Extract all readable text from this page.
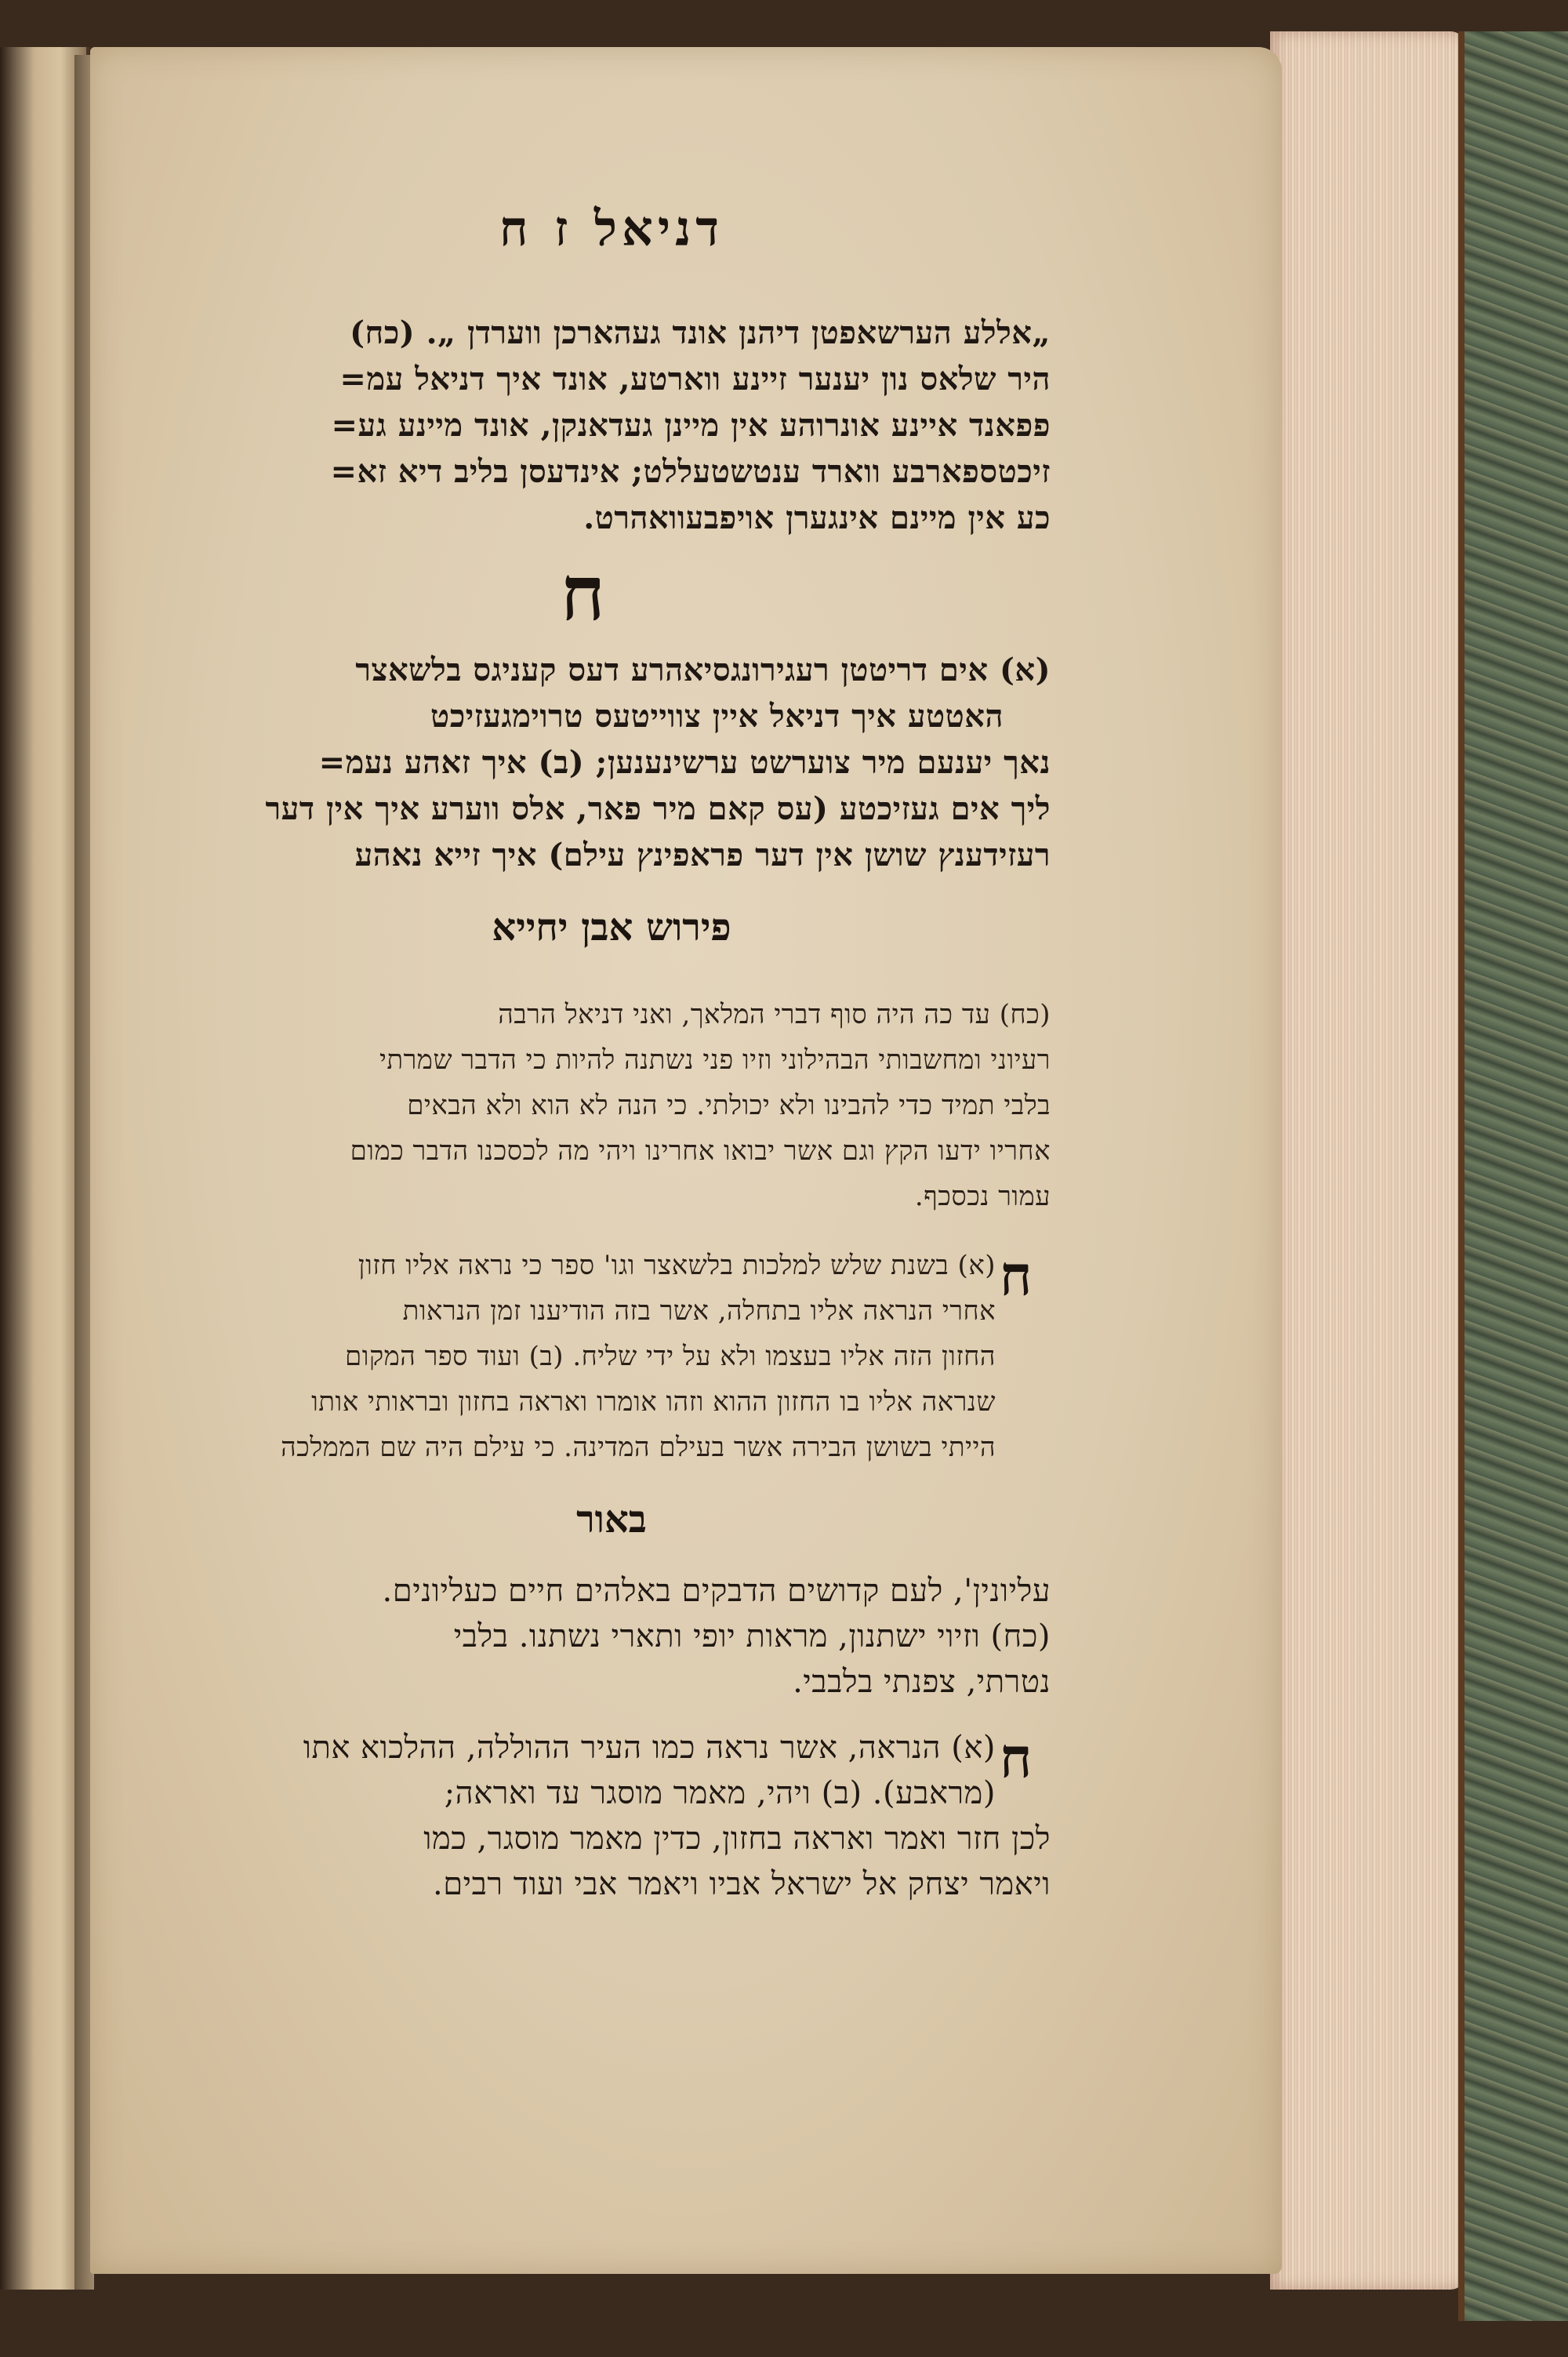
דניאל ז ח
„אללע הערשאפטן דיהנן אונד געהארכן ווערדן „. (כח)
היר שלאס נון יענער זיינע ווארטע, אונד איך דניאל עמ=
פפאנד איינע אונרוהע אין מיינן געדאנקן, אונד מיינע גע=
זיכטספארבע ווארד ענטשטעללט; אינדעסן בליב דיא זא=
כע אין מיינם אינגערן אויפבעוואהרט.
ח
(א) אים דריטטן רעגירונגסיאהרע דעס קעניגס בלשאצר
האטטע איך דניאל איין צווייטעס טרוימגעזיכט
נאך יענעם מיר צוערשט ערשינענען; (ב) איך זאהע נעמ=
ליך אים געזיכטע (עס קאם מיר פאר, אלס ווערע איך אין דער
רעזידענץ שושן אין דער פראפינץ עילם) איך זייא נאהע
פירוש אבן יחייא
(כח) עד כה היה סוף דברי המלאך, ואני דניאל הרבה
רעיוני ומחשבותי הבהילוני וזיו פני נשתנה להיות כי הדבר שמרתי
בלבי תמיד כדי להבינו ולא יכולתי. כי הנה לא הוא ולא הבאים
אחריו ידעו הקץ וגם אשר יבואו אחרינו ויהי מה לכסכנו הדבר כמום
עמור נכסכף.
ח
(א) בשנת שלש למלכות בלשאצר וגו' ספר כי נראה אליו חזון
אחרי הנראה אליו בתחלה, אשר בזה הודיענו זמן הנראות
החזון הזה אליו בעצמו ולא על ידי שליח. (ב) ועוד ספר המקום
שנראה אליו בו החזון ההוא וזהו אומרו ואראה בחזון ובראותי אותו
הייתי בשושן הבירה אשר בעילם המדינה. כי עילם היה שם הממלכה
באור
עליונין', לעם קדושים הדבקים באלהים חיים כעליונים.
(כח) וזיוי ישתנון, מראות יופי ותארי נשתנו. בלבי
נטרתי, צפנתי בלבבי.
ח
(א) הנראה, אשר נראה כמו העיר ההוללה, ההלכוא אתו
(מראבע). (ב) ויהי, מאמר מוסגר עד ואראה;
לכן חזר ואמר ואראה בחזון, כדין מאמר מוסגר, כמו
ויאמר יצחק אל ישראל אביו ויאמר אבי ועוד רבים.
